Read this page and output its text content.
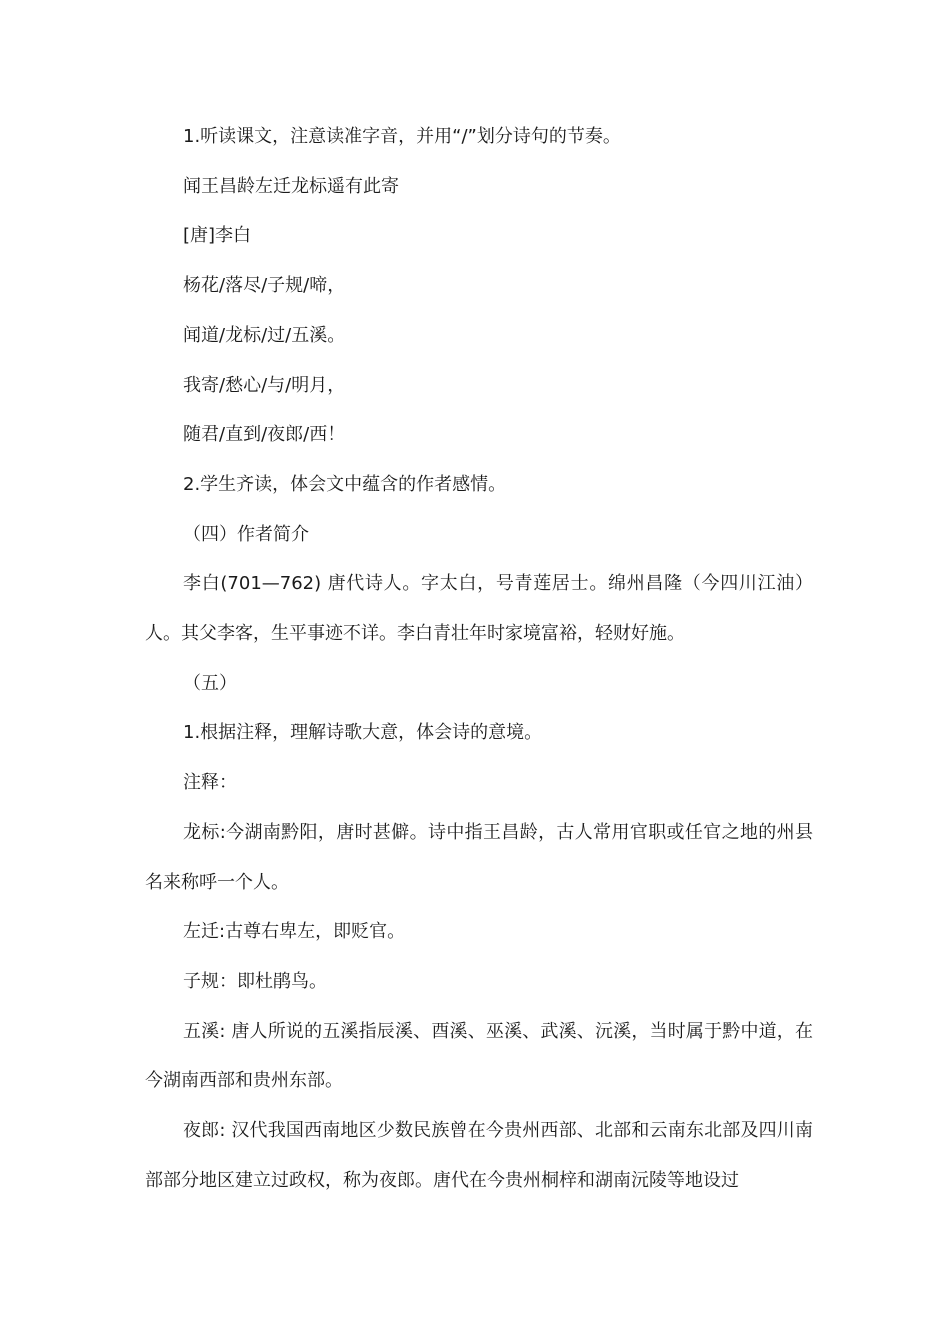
1.听读课文，注意读准字音，并用“/”划分诗句的节奏。

闻王昌龄左迁龙标遥有此寄

[唐]李白

杨花/落尽/子规/啼，

闻道/龙标/过/五溪。

我寄/愁心/与/明月，

随君/直到/夜郎/西！

2.学生齐读，体会文中蕴含的作者感情。

（四）作者简介

李白(701—762) 唐代诗人。字太白，号青莲居士。绵州昌隆（今四川江油）人。其父李客，生平事迹不详。李白青壮年时家境富裕，轻财好施。

（五）

1.根据注释，理解诗歌大意，体会诗的意境。

注释：

龙标:今湖南黔阳，唐时甚僻。诗中指王昌龄，古人常用官职或任官之地的州县名来称呼一个人。

左迁:古尊右卑左，即贬官。

子规：即杜鹃鸟。

五溪: 唐人所说的五溪指辰溪、酉溪、巫溪、武溪、沅溪，当时属于黔中道，在今湖南西部和贵州东部。

夜郎: 汉代我国西南地区少数民族曾在今贵州西部、北部和云南东北部及四川南部部分地区建立过政权，称为夜郎。唐代在今贵州桐梓和湖南沅陵等地设过
